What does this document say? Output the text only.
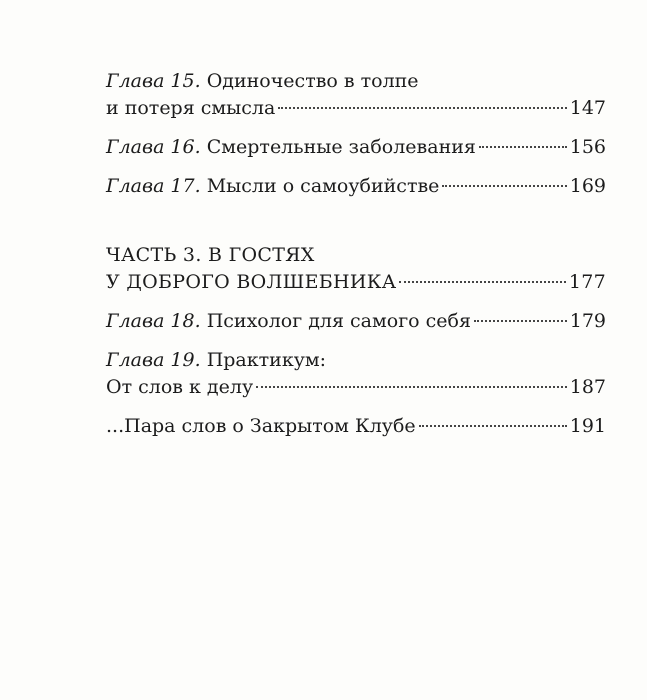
Глава 15. Одиночество в толпе
и потеря смысла	147
Глава 16. Смертельные заболевания	156
Глава 17. Мысли о самоубийстве	169
ЧАСТЬ 3. В ГОСТЯХ
У ДОБРОГО ВОЛШЕБНИКА	177
Глава 18. Психолог для самого себя	179
Глава 19. Практикум:
От слов к делу	187
...Пара слов о Закрытом Клубе	191
